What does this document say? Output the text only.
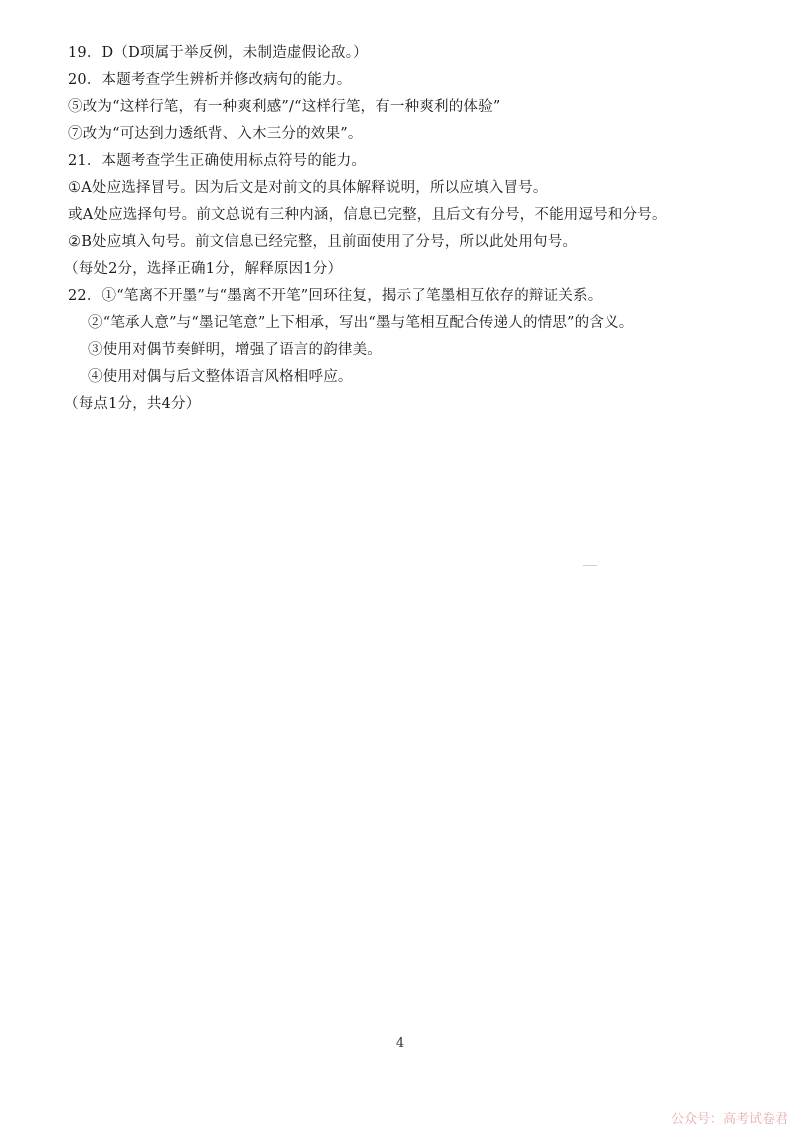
19．D（D项属于举反例，未制造虚假论敌。）
20．本题考查学生辨析并修改病句的能力。
⑤改为“这样行笔，有一种爽利感”/“这样行笔，有一种爽利的体验”
⑦改为“可达到力透纸背、入木三分的效果”。
21．本题考查学生正确使用标点符号的能力。
①A处应选择冒号。因为后文是对前文的具体解释说明，所以应填入冒号。
或A处应选择句号。前文总说有三种内涵，信息已完整，且后文有分号，不能用逗号和分号。
②B处应填入句号。前文信息已经完整，且前面使用了分号，所以此处用句号。
（每处2分，选择正确1分，解释原因1分）
22．①“笔离不开墨”与“墨离不开笔”回环往复，揭示了笔墨相互依存的辩证关系。
②“笔承人意”与“墨记笔意”上下相承，写出“墨与笔相互配合传递人的情思”的含义。
③使用对偶节奏鲜明，增强了语言的韵律美。
④使用对偶与后文整体语言风格相呼应。
（每点1分，共4分）
4
公众号：高考试卷君
